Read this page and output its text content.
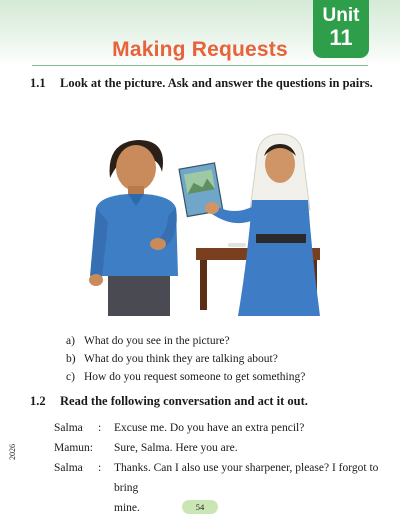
Making Requests
Unit
11
1.1 Look at the picture. Ask and answer the questions in pairs.
a) What do you see in the picture?
b) What do you think they are talking about?
c) How do you request someone to get something?
1.2 Read the following conversation and act it out.
Salma	: Excuse me. Do you have an extra pencil?
Mamun: Sure, Salma. Here you are.
Salma	: Thanks. Can I also use your sharpener, please? I forgot to
bring mine.
2026
54
